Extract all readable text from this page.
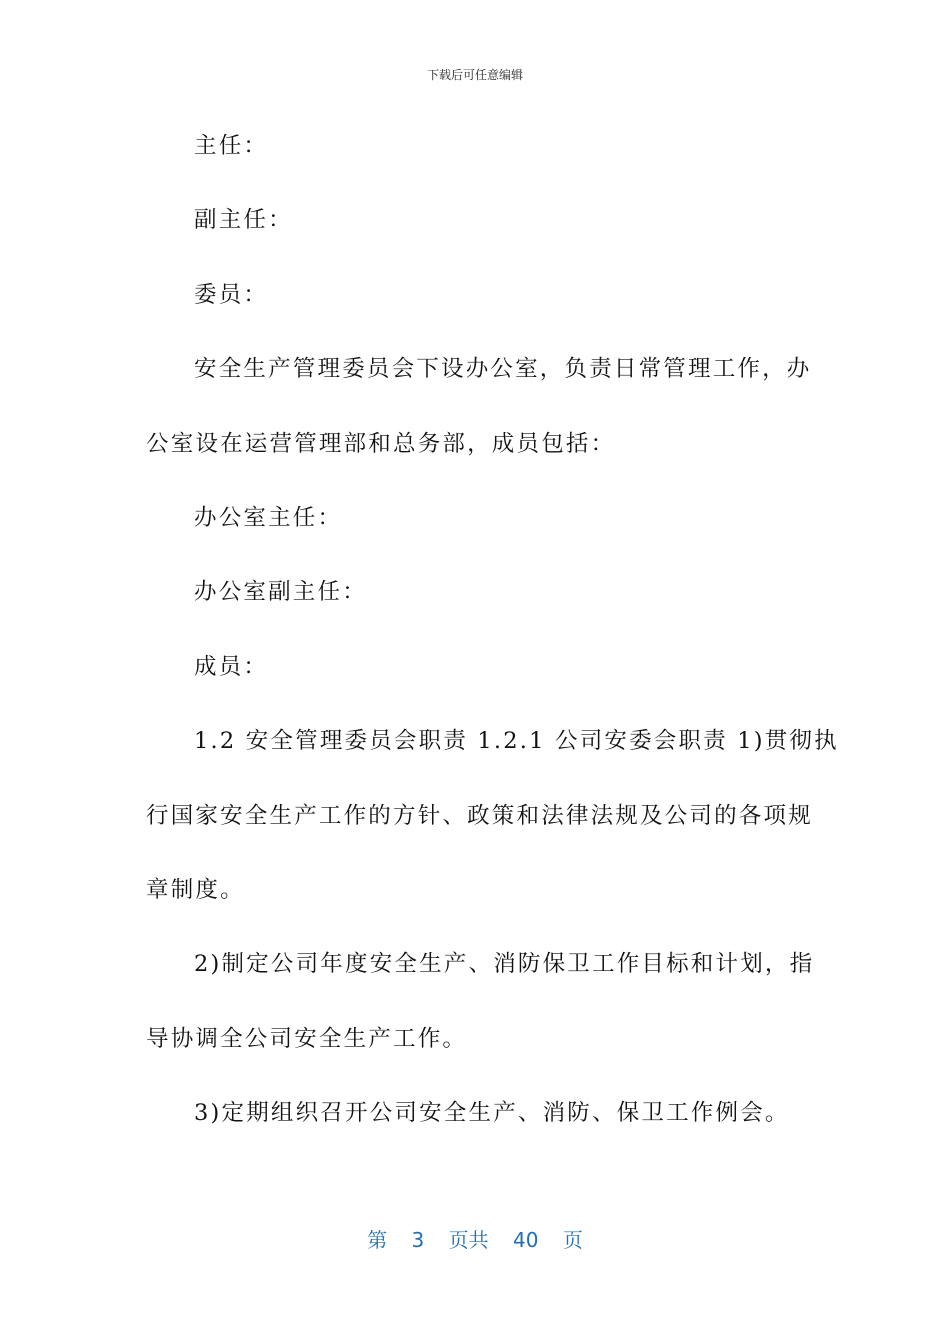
下载后可任意编辑
主任：
副主任：
委员：
安全生产管理委员会下设办公室，负责日常管理工作，办
公室设在运营管理部和总务部，成员包括：
办公室主任：
办公室副主任：
成员：
1.2 安全管理委员会职责 1.2.1 公司安委会职责 1)贯彻执
行国家安全生产工作的方针、政策和法律法规及公司的各项规
章制度。
2)制定公司年度安全生产、消防保卫工作目标和计划，指
导协调全公司安全生产工作。
3)定期组织召开公司安全生产、消防、保卫工作例会。
第 3 页共 40 页
